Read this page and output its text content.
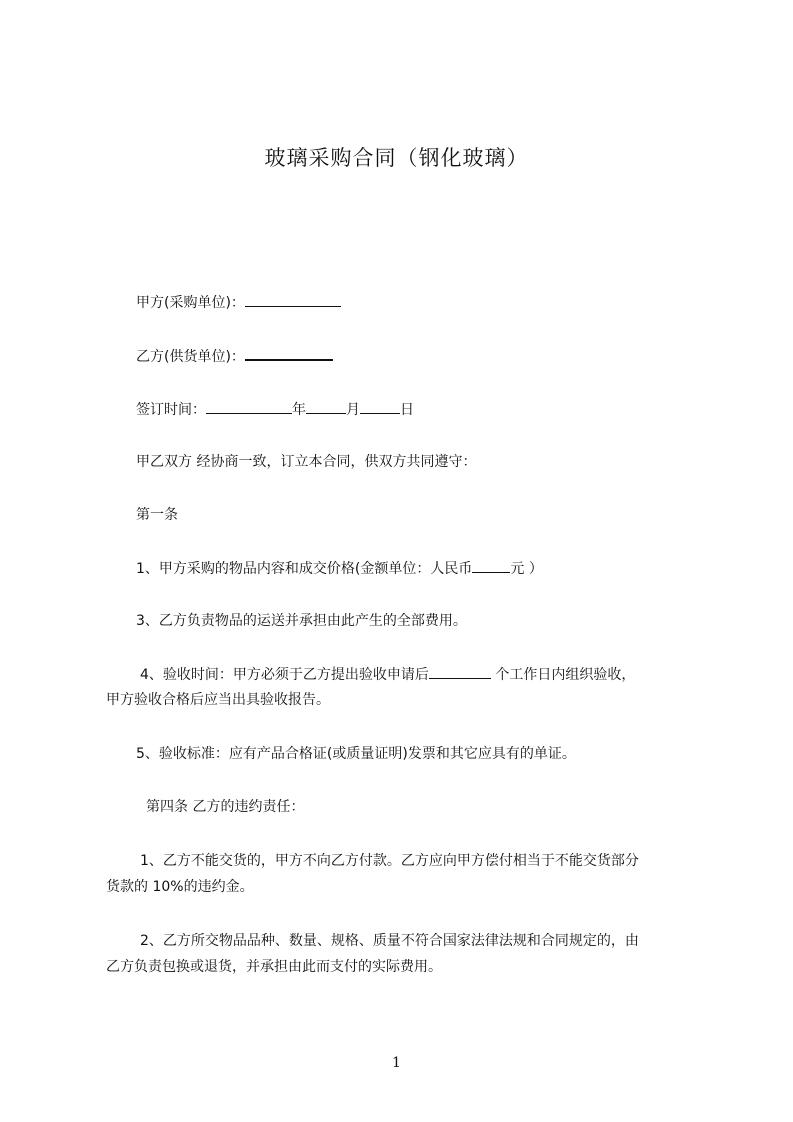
玻璃采购合同（钢化玻璃）
甲方(采购单位)：
乙方(供货单位)：
签订时间：	年	月	日
甲乙双方 经协商一致，订立本合同，供双方共同遵守：
第一条
1、甲方采购的物品内容和成交价格(金额单位：人民币	元 ）
3、乙方负责物品的运送并承担由此产生的全部费用。
4、验收时间：甲方必须于乙方提出验收申请后	个工作日内组织验收，
甲方验收合格后应当出具验收报告。
5、验收标准：应有产品合格证(或质量证明)发票和其它应具有的单证。
第四条 乙方的违约责任：
1、乙方不能交货的，甲方不向乙方付款。乙方应向甲方偿付相当于不能交货部分
货款的 10%的违约金。
2、乙方所交物品品种、数量、规格、质量不符合国家法律法规和合同规定的，由
乙方负责包换或退货，并承担由此而支付的实际费用。
1
